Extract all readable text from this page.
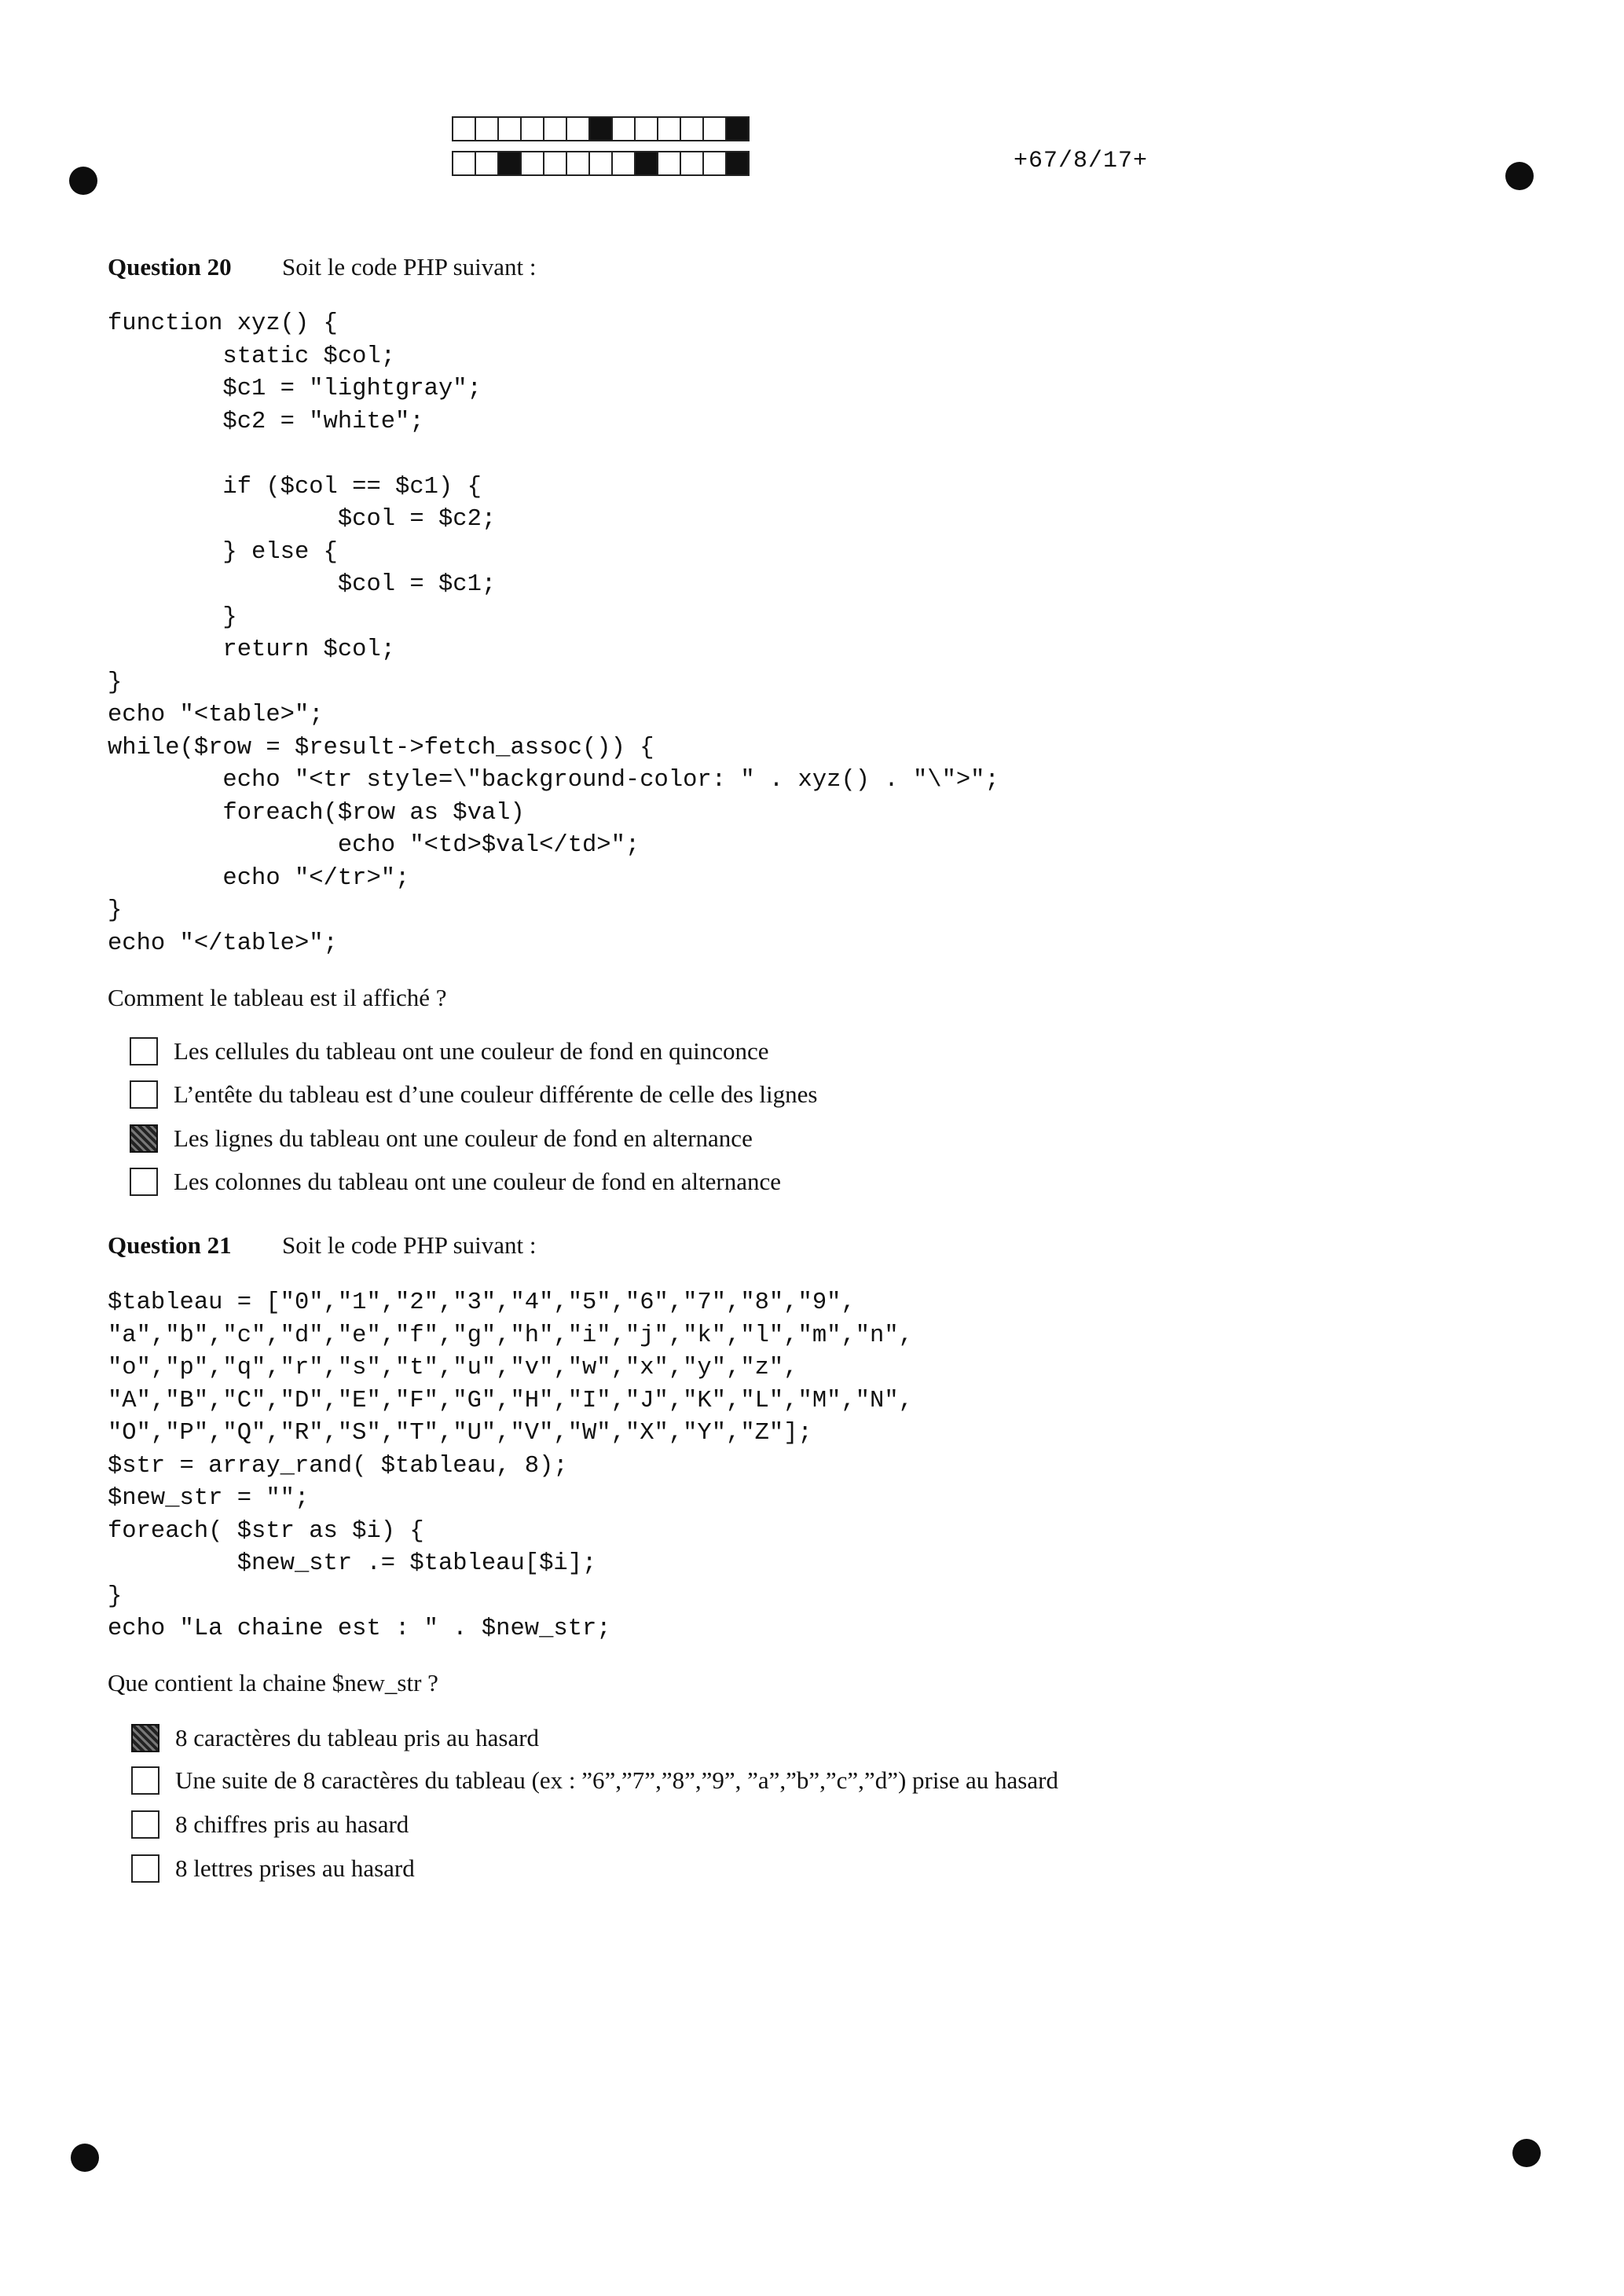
+67/8/17+
Question 20 Soit le code PHP suivant :
function xyz() {
static $col;
$c1 = "lightgray";
$c2 = "white";

if ($col == $c1) {
$col = $c2;
} else {
$col = $c1;
}
return $col;
}
echo "<table>";
while($row = $result->fetch_assoc()) {
echo "<tr style=\"background-color: " . xyz() . "\">";
foreach($row as $val)
echo "<td>$val</td>";
echo "</tr>";
}
echo "</table>";
Comment le tableau est il affiché ?
Les cellules du tableau ont une couleur de fond en quinconce
L’entête du tableau est d’une couleur différente de celle des lignes
Les lignes du tableau ont une couleur de fond en alternance
Les colonnes du tableau ont une couleur de fond en alternance
Question 21 Soit le code PHP suivant :
$tableau = ["0","1","2","3","4","5","6","7","8","9",
"a","b","c","d","e","f","g","h","i","j","k","l","m","n",
"o","p","q","r","s","t","u","v","w","x","y","z",
"A","B","C","D","E","F","G","H","I","J","K","L","M","N",
"O","P","Q","R","S","T","U","V","W","X","Y","Z"];
$str = array_rand( $tableau, 8);
$new_str = "";
foreach( $str as $i) {
$new_str .= $tableau[$i];
}
echo "La chaine est : " . $new_str;
Que contient la chaine $new_str ?
8 caractères du tableau pris au hasard
Une suite de 8 caractères du tableau (ex : ”6”,”7”,”8”,”9”, ”a”,”b”,”c”,”d”) prise au hasard
8 chiffres pris au hasard
8 lettres prises au hasard
